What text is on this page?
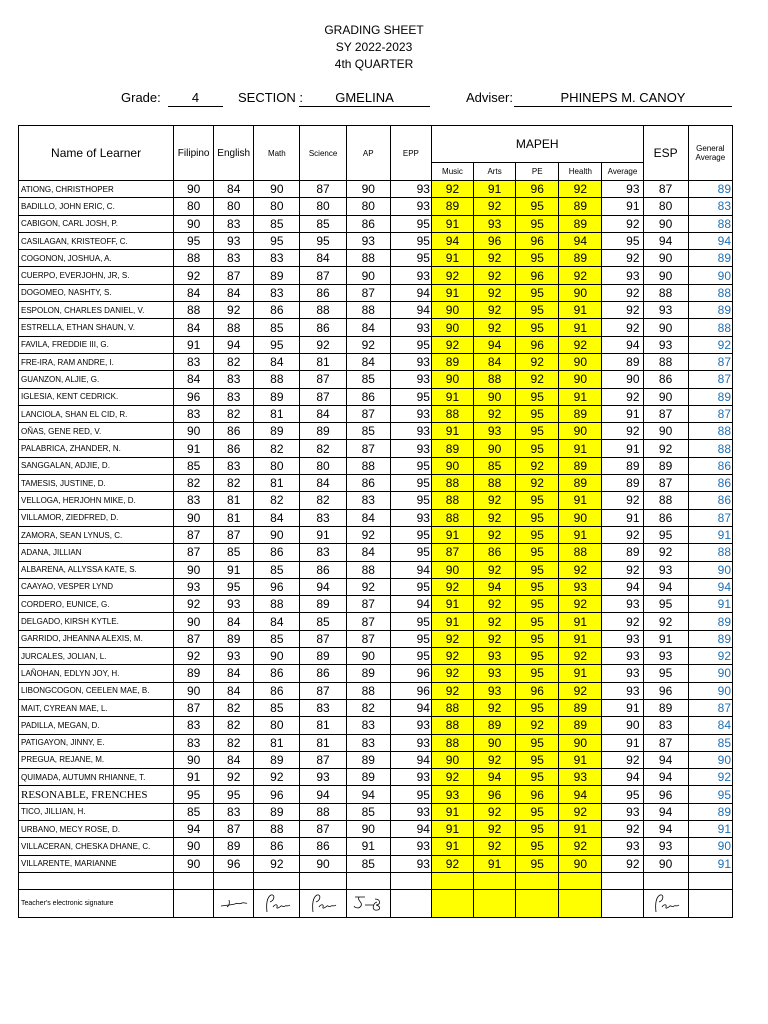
GRADING SHEET
SY 2022-2023
4th QUARTER
Grade:	4	SECTION :	GMELINA	Adviser:	PHINEPS M. CANOY
Name of Learner	Filipino	English	Math	Science	AP	EPP	MAPEH					ESP	General
Average

							Music	Arts	PE	Health	Average		
ATIONG, CHRISTHOPER	90	84	90	87	90	93	92	91	96	92	93	87	89
BADILLO, JOHN ERIC, C.	80	80	80	80	80	93	89	92	95	89	91	80	83
CABIGON, CARL JOSH, P.	90	83	85	85	86	95	91	93	95	89	92	90	88
CASILAGAN, KRISTEOFF, C.	95	93	95	95	93	95	94	96	96	94	95	94	94
COGONON, JOSHUA, A.	88	83	83	84	88	95	91	92	95	89	92	90	89
CUERPO, EVERJOHN, JR, S.	92	87	89	87	90	93	92	92	96	92	93	90	90
DOGOMEO, NASHTY, S.	84	84	83	86	87	94	91	92	95	90	92	88	88
ESPOLON, CHARLES DANIEL, V.	88	92	86	88	88	94	90	92	95	91	92	93	89
ESTRELLA, ETHAN SHAUN, V.	84	88	85	86	84	93	90	92	95	91	92	90	88
FAVILA, FREDDIE III, G.	91	94	95	92	92	95	92	94	96	92	94	93	92
FRE-IRA, RAM ANDRE, I.	83	82	84	81	84	93	89	84	92	90	89	88	87
GUANZON, ALJIE, G.	84	83	88	87	85	93	90	88	92	90	90	86	87
IGLESIA, KENT CEDRICK.	96	83	89	87	86	95	91	90	95	91	92	90	89
LANCIOLA, SHAN EL CID, R.	83	82	81	84	87	93	88	92	95	89	91	87	87
OÑAS, GENE RED, V.	90	86	89	89	85	93	91	93	95	90	92	90	88
PALABRICA, ZHANDER, N.	91	86	82	82	87	93	89	90	95	91	91	92	88
SANGGALAN, ADJIE, D.	85	83	80	80	88	95	90	85	92	89	89	89	86
TAMESIS, JUSTINE, D.	82	82	81	84	86	95	88	88	92	89	89	87	86
VELLOGA, HERJOHN MIKE, D.	83	81	82	82	83	95	88	92	95	91	92	88	86
VILLAMOR, ZIEDFRED, D.	90	81	84	83	84	93	88	92	95	90	91	86	87
ZAMORA, SEAN LYNUS, C.	87	87	90	91	92	95	91	92	95	91	92	95	91
ADANA, JILLIAN	87	85	86	83	84	95	87	86	95	88	89	92	88
ALBARENA, ALLYSSA KATE, S.	90	91	85	86	88	94	90	92	95	92	92	93	90
CAAYAO, VESPER LYND	93	95	96	94	92	95	92	94	95	93	94	94	94
CORDERO, EUNICE, G.	92	93	88	89	87	94	91	92	95	92	93	95	91
DELGADO, KIRSH KYTLE.	90	84	84	85	87	95	91	92	95	91	92	92	89
GARRIDO, JHEANNA ALEXIS, M.	87	89	85	87	87	95	92	92	95	91	93	91	89
JURCALES, JOLIAN, L.	92	93	90	89	90	95	92	93	95	92	93	93	92
LAÑOHAN, EDLYN JOY, H.	89	84	86	86	89	96	92	93	95	91	93	95	90
LIBONGCOGON, CEELEN MAE, B.	90	84	86	87	88	96	92	93	96	92	93	96	90
MAIT, CYREAN MAE, L.	87	82	85	83	82	94	88	92	95	89	91	89	87
PADILLA, MEGAN, D.	83	82	80	81	83	93	88	89	92	89	90	83	84
PATIGAYON, JINNY, E.	83	82	81	81	83	93	88	90	95	90	91	87	85
PREGUA, REJANE, M.	90	84	89	87	89	94	90	92	95	91	92	94	90
QUIMADA, AUTUMN RHIANNE, T.	91	92	92	93	89	93	92	94	95	93	94	94	92
RESONABLE, FRENCHES	95	95	96	94	94	95	93	96	96	94	95	96	95
TICO, JILLIAN, H.	85	83	89	88	85	93	91	92	95	92	93	94	89
URBANO, MECY ROSE, D.	94	87	88	87	90	94	91	92	95	91	92	94	91
VILLACERAN, CHESKA DHANE, C.	90	89	86	86	91	93	91	92	95	92	93	93	90
VILLARENTE, MARIANNE	90	96	92	90	85	93	92	91	95	90	92	90	91

Teacher's electronic signature													
